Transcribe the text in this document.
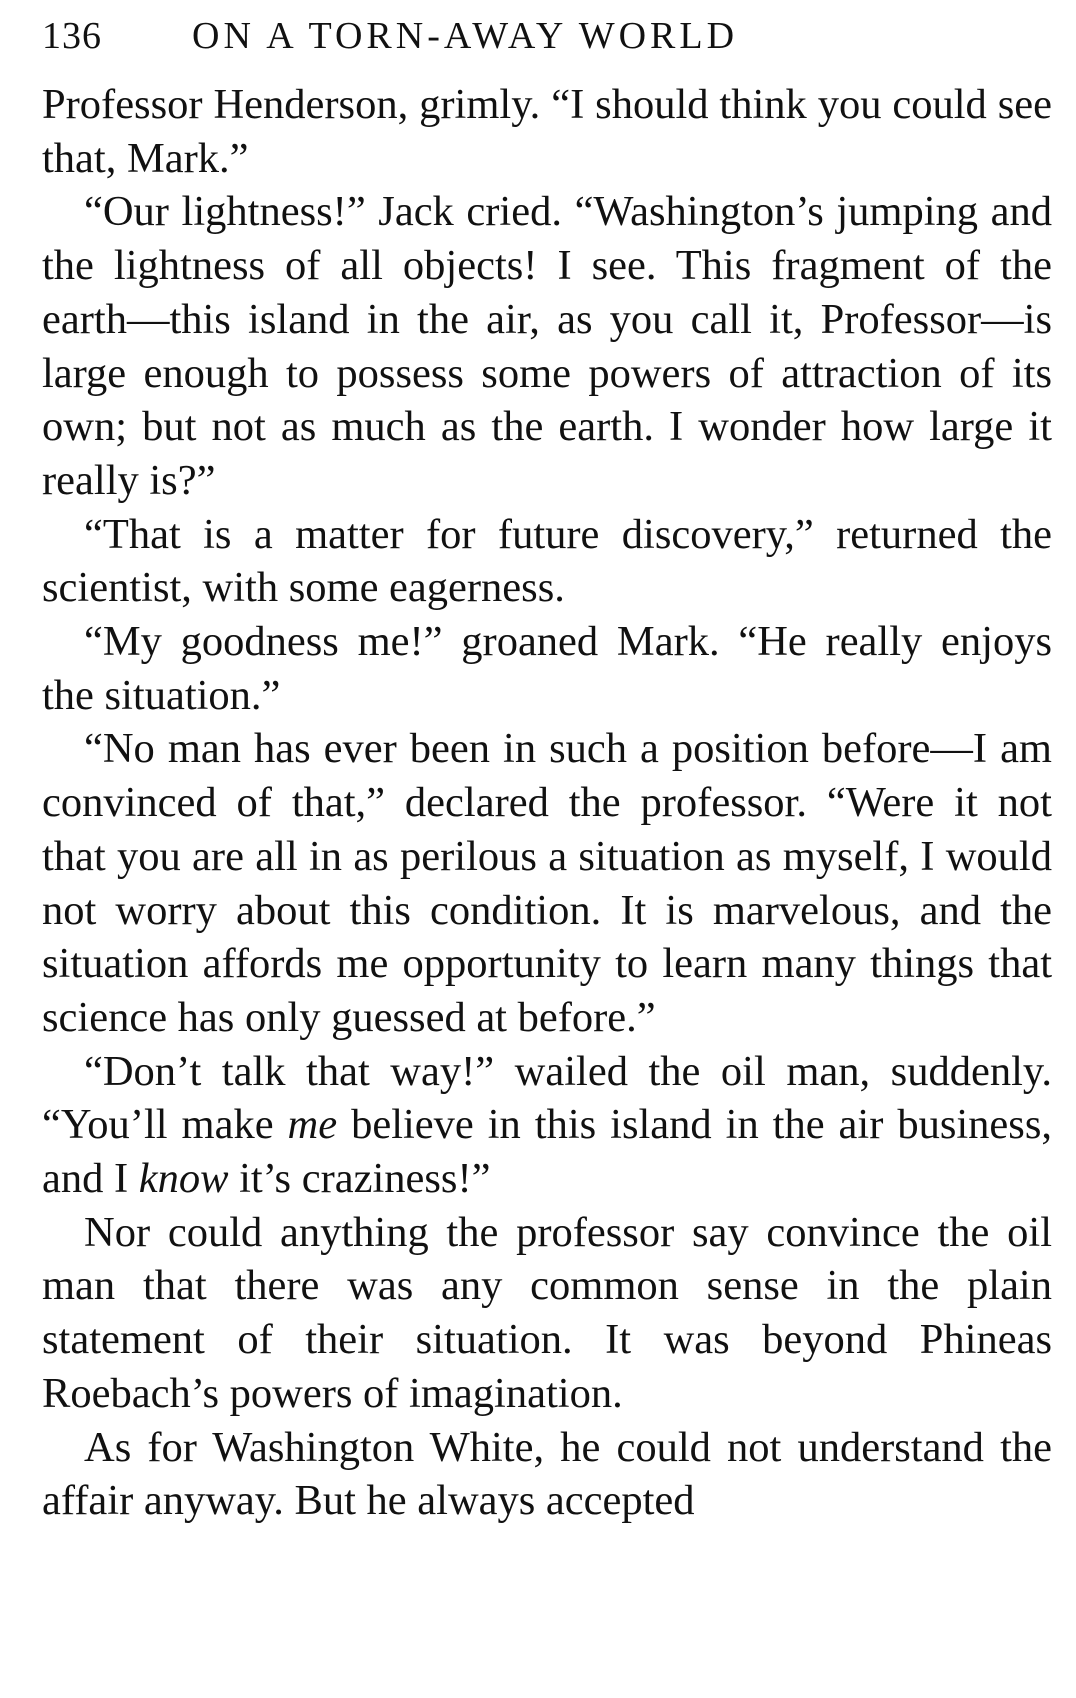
136	ON A TORN-AWAY WORLD

Professor Henderson, grimly. “I should think you could see that, Mark.”

“Our lightness!” Jack cried. “Washington’s jumping and the lightness of all objects! I see. This fragment of the earth—this island in the air, as you call it, Professor—is large enough to possess some powers of attraction of its own; but not as much as the earth. I wonder how large it really is?”

“That is a matter for future discovery,” returned the scientist, with some eagerness.

“My goodness me!” groaned Mark. “He really enjoys the situation.”

“No man has ever been in such a position before—I am convinced of that,” declared the professor. “Were it not that you are all in as perilous a situation as myself, I would not worry about this condition. It is marvelous, and the situation affords me opportunity to learn many things that science has only guessed at before.”

“Don’t talk that way!” wailed the oil man, suddenly. “You’ll make me believe in this island in the air business, and I know it’s craziness!”

Nor could anything the professor say convince the oil man that there was any common sense in the plain statement of their situation. It was beyond Phineas Roebach’s powers of imagination.

As for Washington White, he could not understand the affair anyway. But he always accepted
